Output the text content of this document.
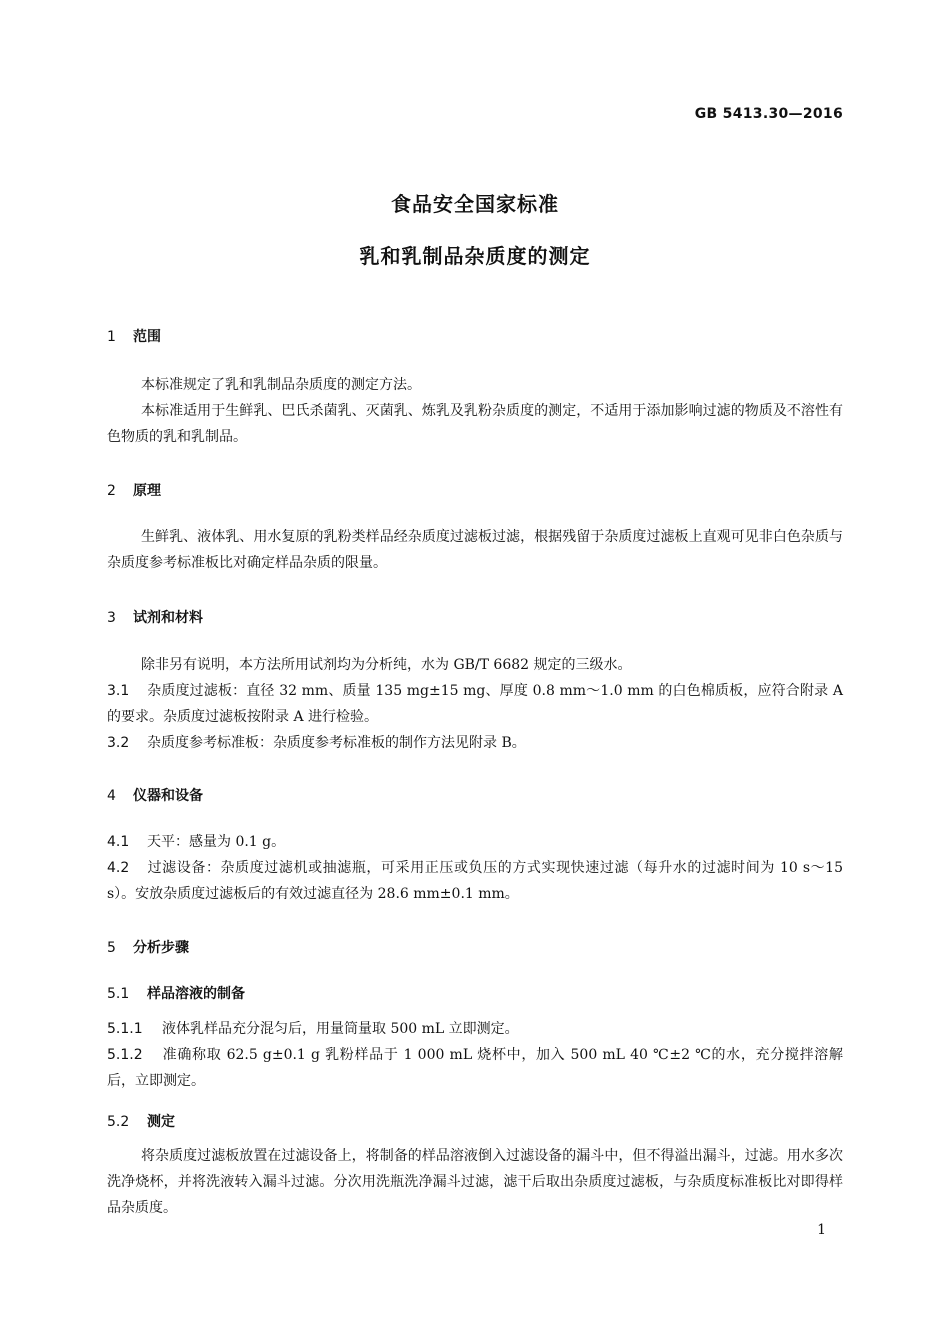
GB 5413.30—2016
食品安全国家标准
乳和乳制品杂质度的测定
1 范围
本标准规定了乳和乳制品杂质度的测定方法。
本标准适用于生鲜乳、巴氏杀菌乳、灭菌乳、炼乳及乳粉杂质度的测定，不适用于添加影响过滤的物质及不溶性有色物质的乳和乳制品。
2 原理
生鲜乳、液体乳、用水复原的乳粉类样品经杂质度过滤板过滤，根据残留于杂质度过滤板上直观可见非白色杂质与杂质度参考标准板比对确定样品杂质的限量。
3 试剂和材料
除非另有说明，本方法所用试剂均为分析纯，水为 GB/T 6682 规定的三级水。
3.1 杂质度过滤板：直径 32 mm、质量 135 mg±15 mg、厚度 0.8 mm～1.0 mm 的白色棉质板，应符合附录 A 的要求。杂质度过滤板按附录 A 进行检验。
3.2 杂质度参考标准板：杂质度参考标准板的制作方法见附录 B。
4 仪器和设备
4.1 天平：感量为 0.1 g。
4.2 过滤设备：杂质度过滤机或抽滤瓶，可采用正压或负压的方式实现快速过滤（每升水的过滤时间为 10 s～15 s）。安放杂质度过滤板后的有效过滤直径为 28.6 mm±0.1 mm。
5 分析步骤
5.1 样品溶液的制备
5.1.1 液体乳样品充分混匀后，用量筒量取 500 mL 立即测定。
5.1.2 准确称取 62.5 g±0.1 g 乳粉样品于 1 000 mL 烧杯中，加入 500 mL 40 ℃±2 ℃的水，充分搅拌溶解后，立即测定。
5.2 测定
将杂质度过滤板放置在过滤设备上，将制备的样品溶液倒入过滤设备的漏斗中，但不得溢出漏斗，过滤。用水多次洗净烧杯，并将洗液转入漏斗过滤。分次用洗瓶洗净漏斗过滤，滤干后取出杂质度过滤板，与杂质度标准板比对即得样品杂质度。
1
